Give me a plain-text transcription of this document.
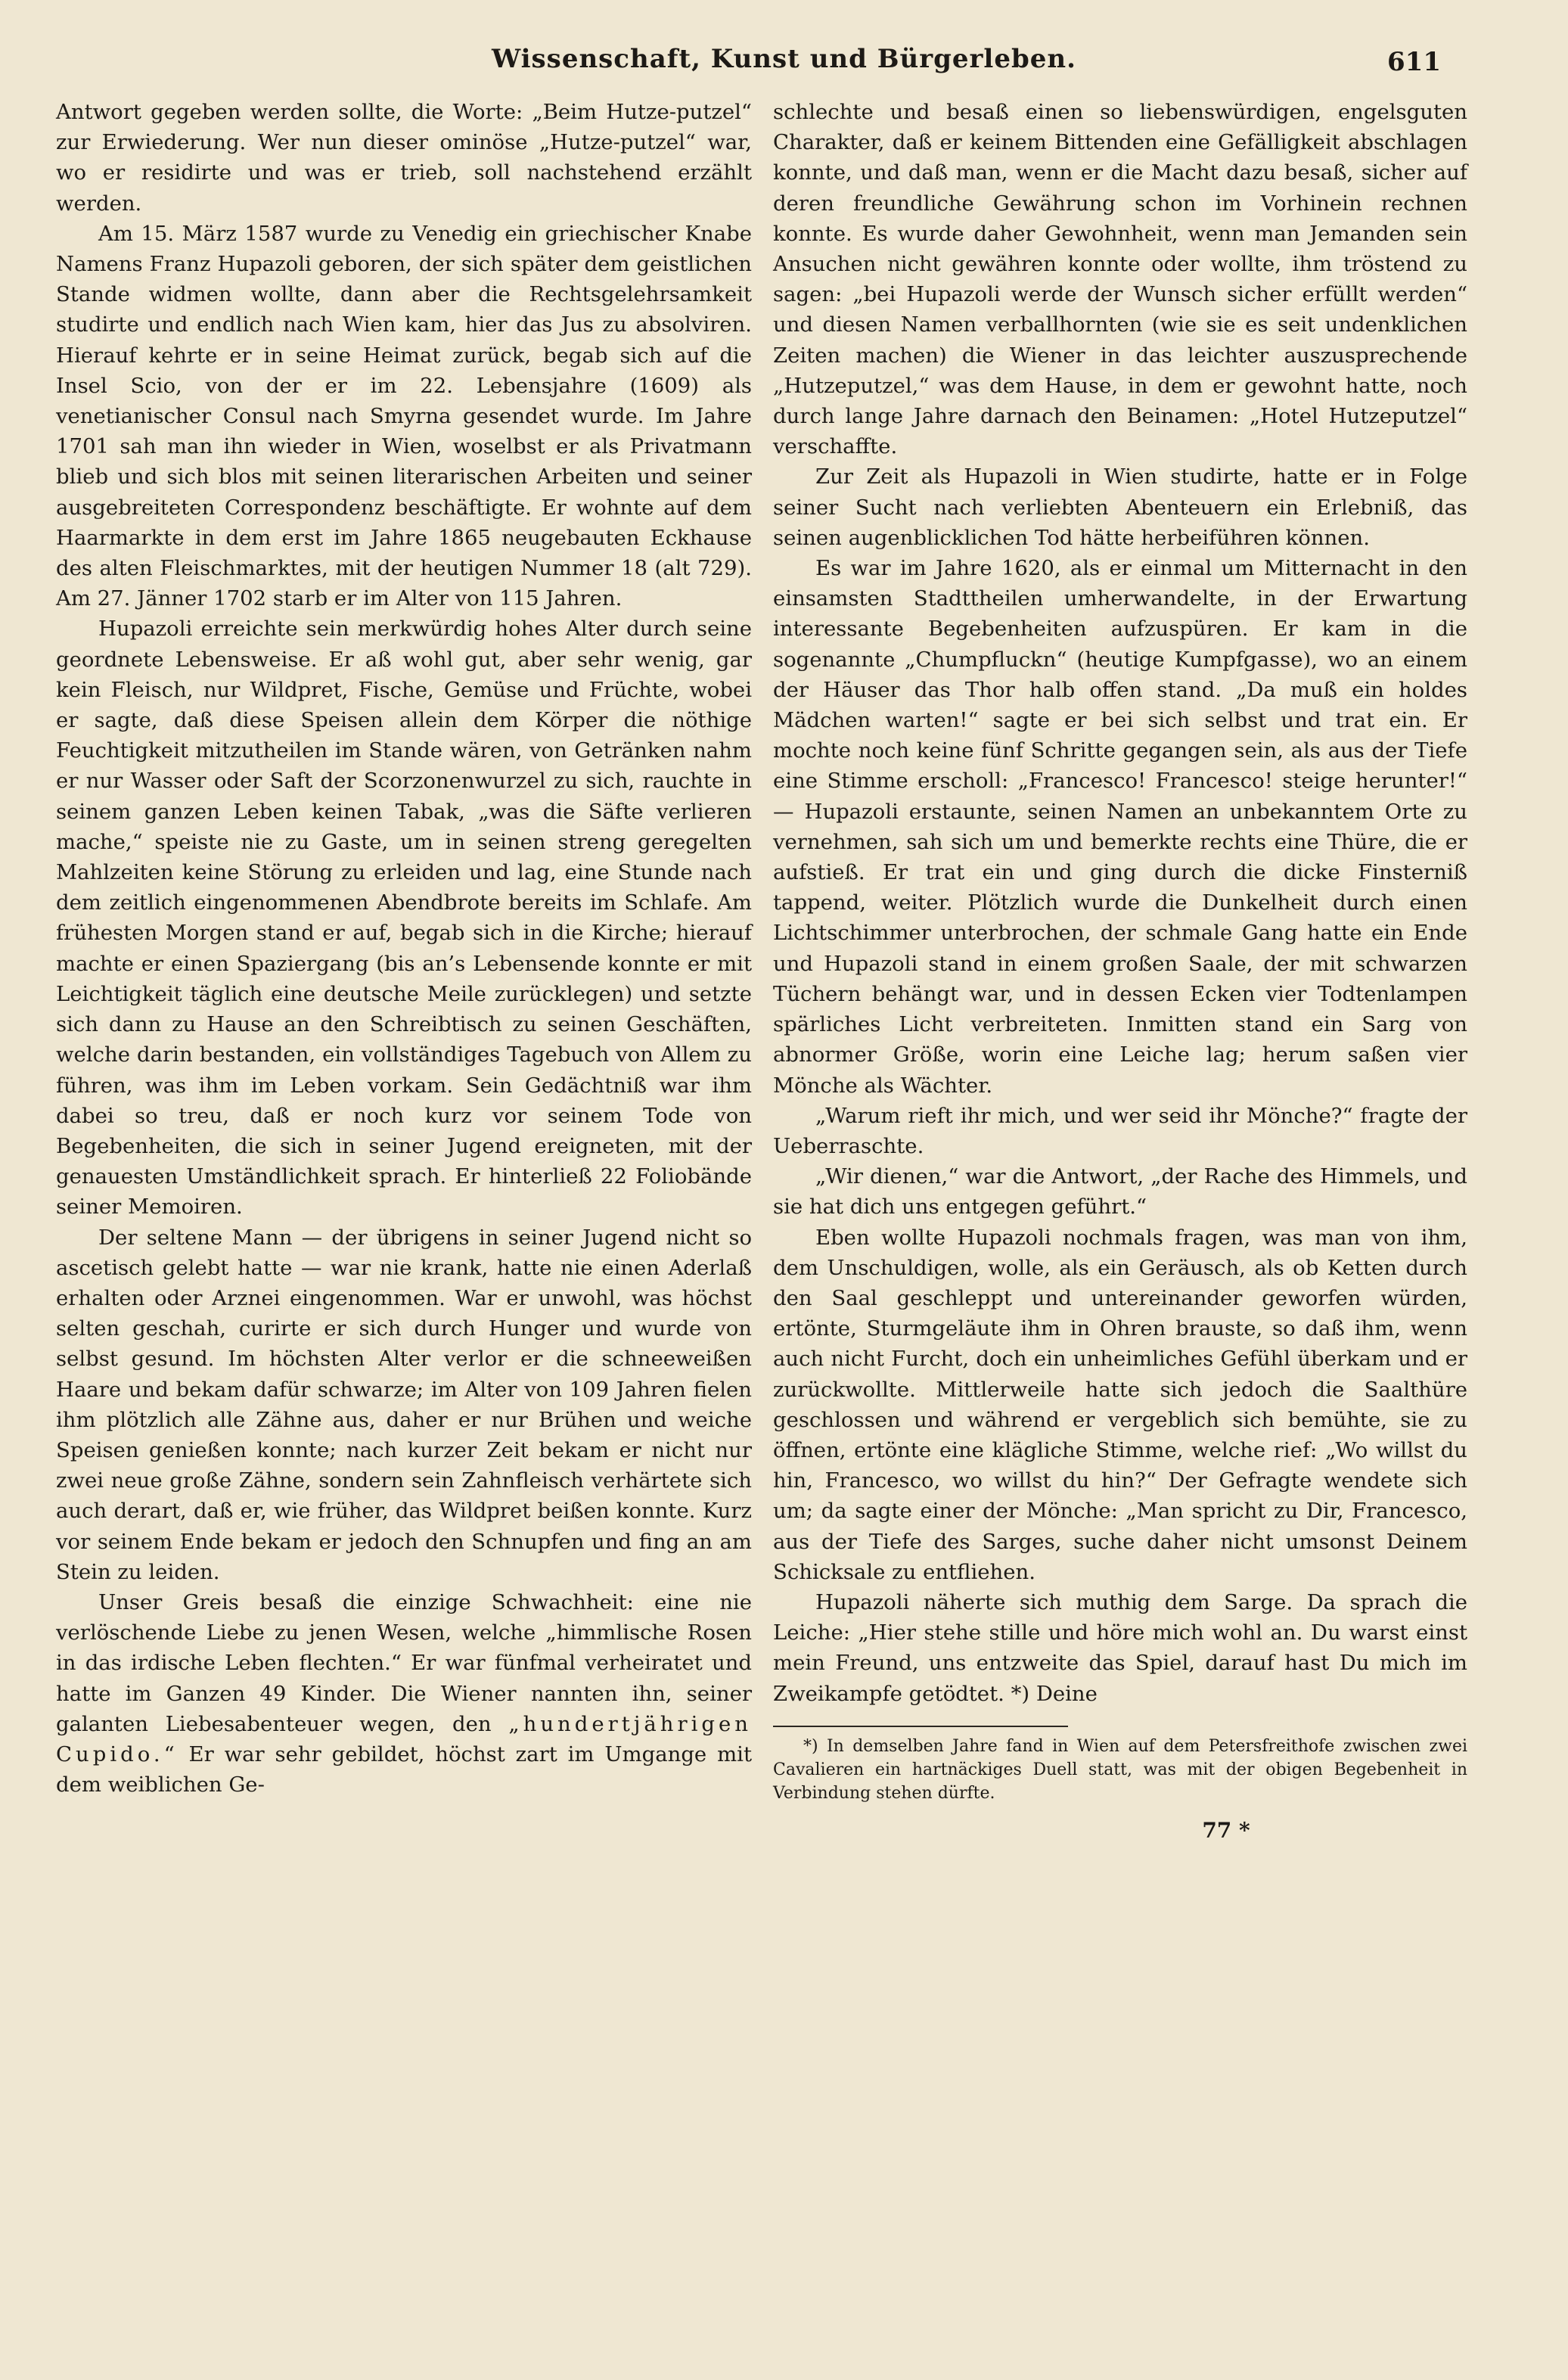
Wissenschaft, Kunst und Bürgerleben.	611

Antwort gegeben werden sollte, die Worte: „Beim Hutze-putzel“ zur Erwiederung. Wer nun dieser ominöse „Hutze-putzel“ war, wo er residirte und was er trieb, soll nachstehend erzählt werden.

Am 15. März 1587 wurde zu Venedig ein griechischer Knabe Namens Franz Hupazoli geboren, der sich später dem geistlichen Stande widmen wollte, dann aber die Rechtsgelehrsamkeit studirte und endlich nach Wien kam, hier das Jus zu absolviren. Hierauf kehrte er in seine Heimat zurück, begab sich auf die Insel Scio, von der er im 22. Lebensjahre (1609) als venetianischer Consul nach Smyrna gesendet wurde. Im Jahre 1701 sah man ihn wieder in Wien, woselbst er als Privatmann blieb und sich blos mit seinen literarischen Arbeiten und seiner ausgebreiteten Correspondenz beschäftigte. Er wohnte auf dem Haarmarkte in dem erst im Jahre 1865 neugebauten Eckhause des alten Fleischmarktes, mit der heutigen Nummer 18 (alt 729). Am 27. Jänner 1702 starb er im Alter von 115 Jahren.

Hupazoli erreichte sein merkwürdig hohes Alter durch seine geordnete Lebensweise. Er aß wohl gut, aber sehr wenig, gar kein Fleisch, nur Wildpret, Fische, Gemüse und Früchte, wobei er sagte, daß diese Speisen allein dem Körper die nöthige Feuchtigkeit mitzutheilen im Stande wären, von Getränken nahm er nur Wasser oder Saft der Scorzonenwurzel zu sich, rauchte in seinem ganzen Leben keinen Tabak, „was die Säfte verlieren mache,“ speiste nie zu Gaste, um in seinen streng geregelten Mahlzeiten keine Störung zu erleiden und lag, eine Stunde nach dem zeitlich eingenommenen Abendbrote bereits im Schlafe. Am frühesten Morgen stand er auf, begab sich in die Kirche; hierauf machte er einen Spaziergang (bis an’s Lebensende konnte er mit Leichtigkeit täglich eine deutsche Meile zurücklegen) und setzte sich dann zu Hause an den Schreibtisch zu seinen Geschäften, welche darin bestanden, ein vollständiges Tagebuch von Allem zu führen, was ihm im Leben vorkam. Sein Gedächtniß war ihm dabei so treu, daß er noch kurz vor seinem Tode von Begebenheiten, die sich in seiner Jugend ereigneten, mit der genauesten Umständlichkeit sprach. Er hinterließ 22 Foliobände seiner Memoiren.

Der seltene Mann — der übrigens in seiner Jugend nicht so ascetisch gelebt hatte — war nie krank, hatte nie einen Aderlaß erhalten oder Arznei eingenommen. War er unwohl, was höchst selten geschah, curirte er sich durch Hunger und wurde von selbst gesund. Im höchsten Alter verlor er die schneeweißen Haare und bekam dafür schwarze; im Alter von 109 Jahren fielen ihm plötzlich alle Zähne aus, daher er nur Brühen und weiche Speisen genießen konnte; nach kurzer Zeit bekam er nicht nur zwei neue große Zähne, sondern sein Zahnfleisch verhärtete sich auch derart, daß er, wie früher, das Wildpret beißen konnte. Kurz vor seinem Ende bekam er jedoch den Schnupfen und fing an am Stein zu leiden.

Unser Greis besaß die einzige Schwachheit: eine nie verlöschende Liebe zu jenen Wesen, welche „himmlische Rosen in das irdische Leben flechten.“ Er war fünfmal verheiratet und hatte im Ganzen 49 Kinder. Die Wiener nannten ihn, seiner galanten Liebesabenteuer wegen, den „hundertjährigen Cupido.“ Er war sehr gebildet, höchst zart im Umgange mit dem weiblichen Ge-

schlechte und besaß einen so liebenswürdigen, engelsguten Charakter, daß er keinem Bittenden eine Gefälligkeit abschlagen konnte, und daß man, wenn er die Macht dazu besaß, sicher auf deren freundliche Gewährung schon im Vorhinein rechnen konnte. Es wurde daher Gewohnheit, wenn man Jemanden sein Ansuchen nicht gewähren konnte oder wollte, ihm tröstend zu sagen: „bei Hupazoli werde der Wunsch sicher erfüllt werden“ und diesen Namen verballhornten (wie sie es seit undenklichen Zeiten machen) die Wiener in das leichter auszusprechende „Hutzeputzel,“ was dem Hause, in dem er gewohnt hatte, noch durch lange Jahre darnach den Beinamen: „Hotel Hutzeputzel“ verschaffte.

Zur Zeit als Hupazoli in Wien studirte, hatte er in Folge seiner Sucht nach verliebten Abenteuern ein Erlebniß, das seinen augenblicklichen Tod hätte herbeiführen können.

Es war im Jahre 1620, als er einmal um Mitternacht in den einsamsten Stadttheilen umherwandelte, in der Erwartung interessante Begebenheiten aufzuspüren. Er kam in die sogenannte „Chumpfluckn“ (heutige Kumpfgasse), wo an einem der Häuser das Thor halb offen stand. „Da muß ein holdes Mädchen warten!“ sagte er bei sich selbst und trat ein. Er mochte noch keine fünf Schritte gegangen sein, als aus der Tiefe eine Stimme erscholl: „Francesco! Francesco! steige herunter!“ — Hupazoli erstaunte, seinen Namen an unbekanntem Orte zu vernehmen, sah sich um und bemerkte rechts eine Thüre, die er aufstieß. Er trat ein und ging durch die dicke Finsterniß tappend, weiter. Plötzlich wurde die Dunkelheit durch einen Lichtschimmer unterbrochen, der schmale Gang hatte ein Ende und Hupazoli stand in einem großen Saale, der mit schwarzen Tüchern behängt war, und in dessen Ecken vier Todtenlampen spärliches Licht verbreiteten. Inmitten stand ein Sarg von abnormer Größe, worin eine Leiche lag; herum saßen vier Mönche als Wächter.

„Warum rieft ihr mich, und wer seid ihr Mönche?“ fragte der Ueberraschte.

„Wir dienen,“ war die Antwort, „der Rache des Himmels, und sie hat dich uns entgegen geführt.“

Eben wollte Hupazoli nochmals fragen, was man von ihm, dem Unschuldigen, wolle, als ein Geräusch, als ob Ketten durch den Saal geschleppt und untereinander geworfen würden, ertönte, Sturmgeläute ihm in Ohren brauste, so daß ihm, wenn auch nicht Furcht, doch ein unheimliches Gefühl überkam und er zurückwollte. Mittlerweile hatte sich jedoch die Saalthüre geschlossen und während er vergeblich sich bemühte, sie zu öffnen, ertönte eine klägliche Stimme, welche rief: „Wo willst du hin, Francesco, wo willst du hin?“ Der Gefragte wendete sich um; da sagte einer der Mönche: „Man spricht zu Dir, Francesco, aus der Tiefe des Sarges, suche daher nicht umsonst Deinem Schicksale zu entfliehen.

Hupazoli näherte sich muthig dem Sarge. Da sprach die Leiche: „Hier stehe stille und höre mich wohl an. Du warst einst mein Freund, uns entzweite das Spiel, darauf hast Du mich im Zweikampfe getödtet. *) Deine

*) In demselben Jahre fand in Wien auf dem Petersfreithofe zwischen zwei Cavalieren ein hartnäckiges Duell statt, was mit der obigen Begebenheit in Verbindung stehen dürfte.

77 *
